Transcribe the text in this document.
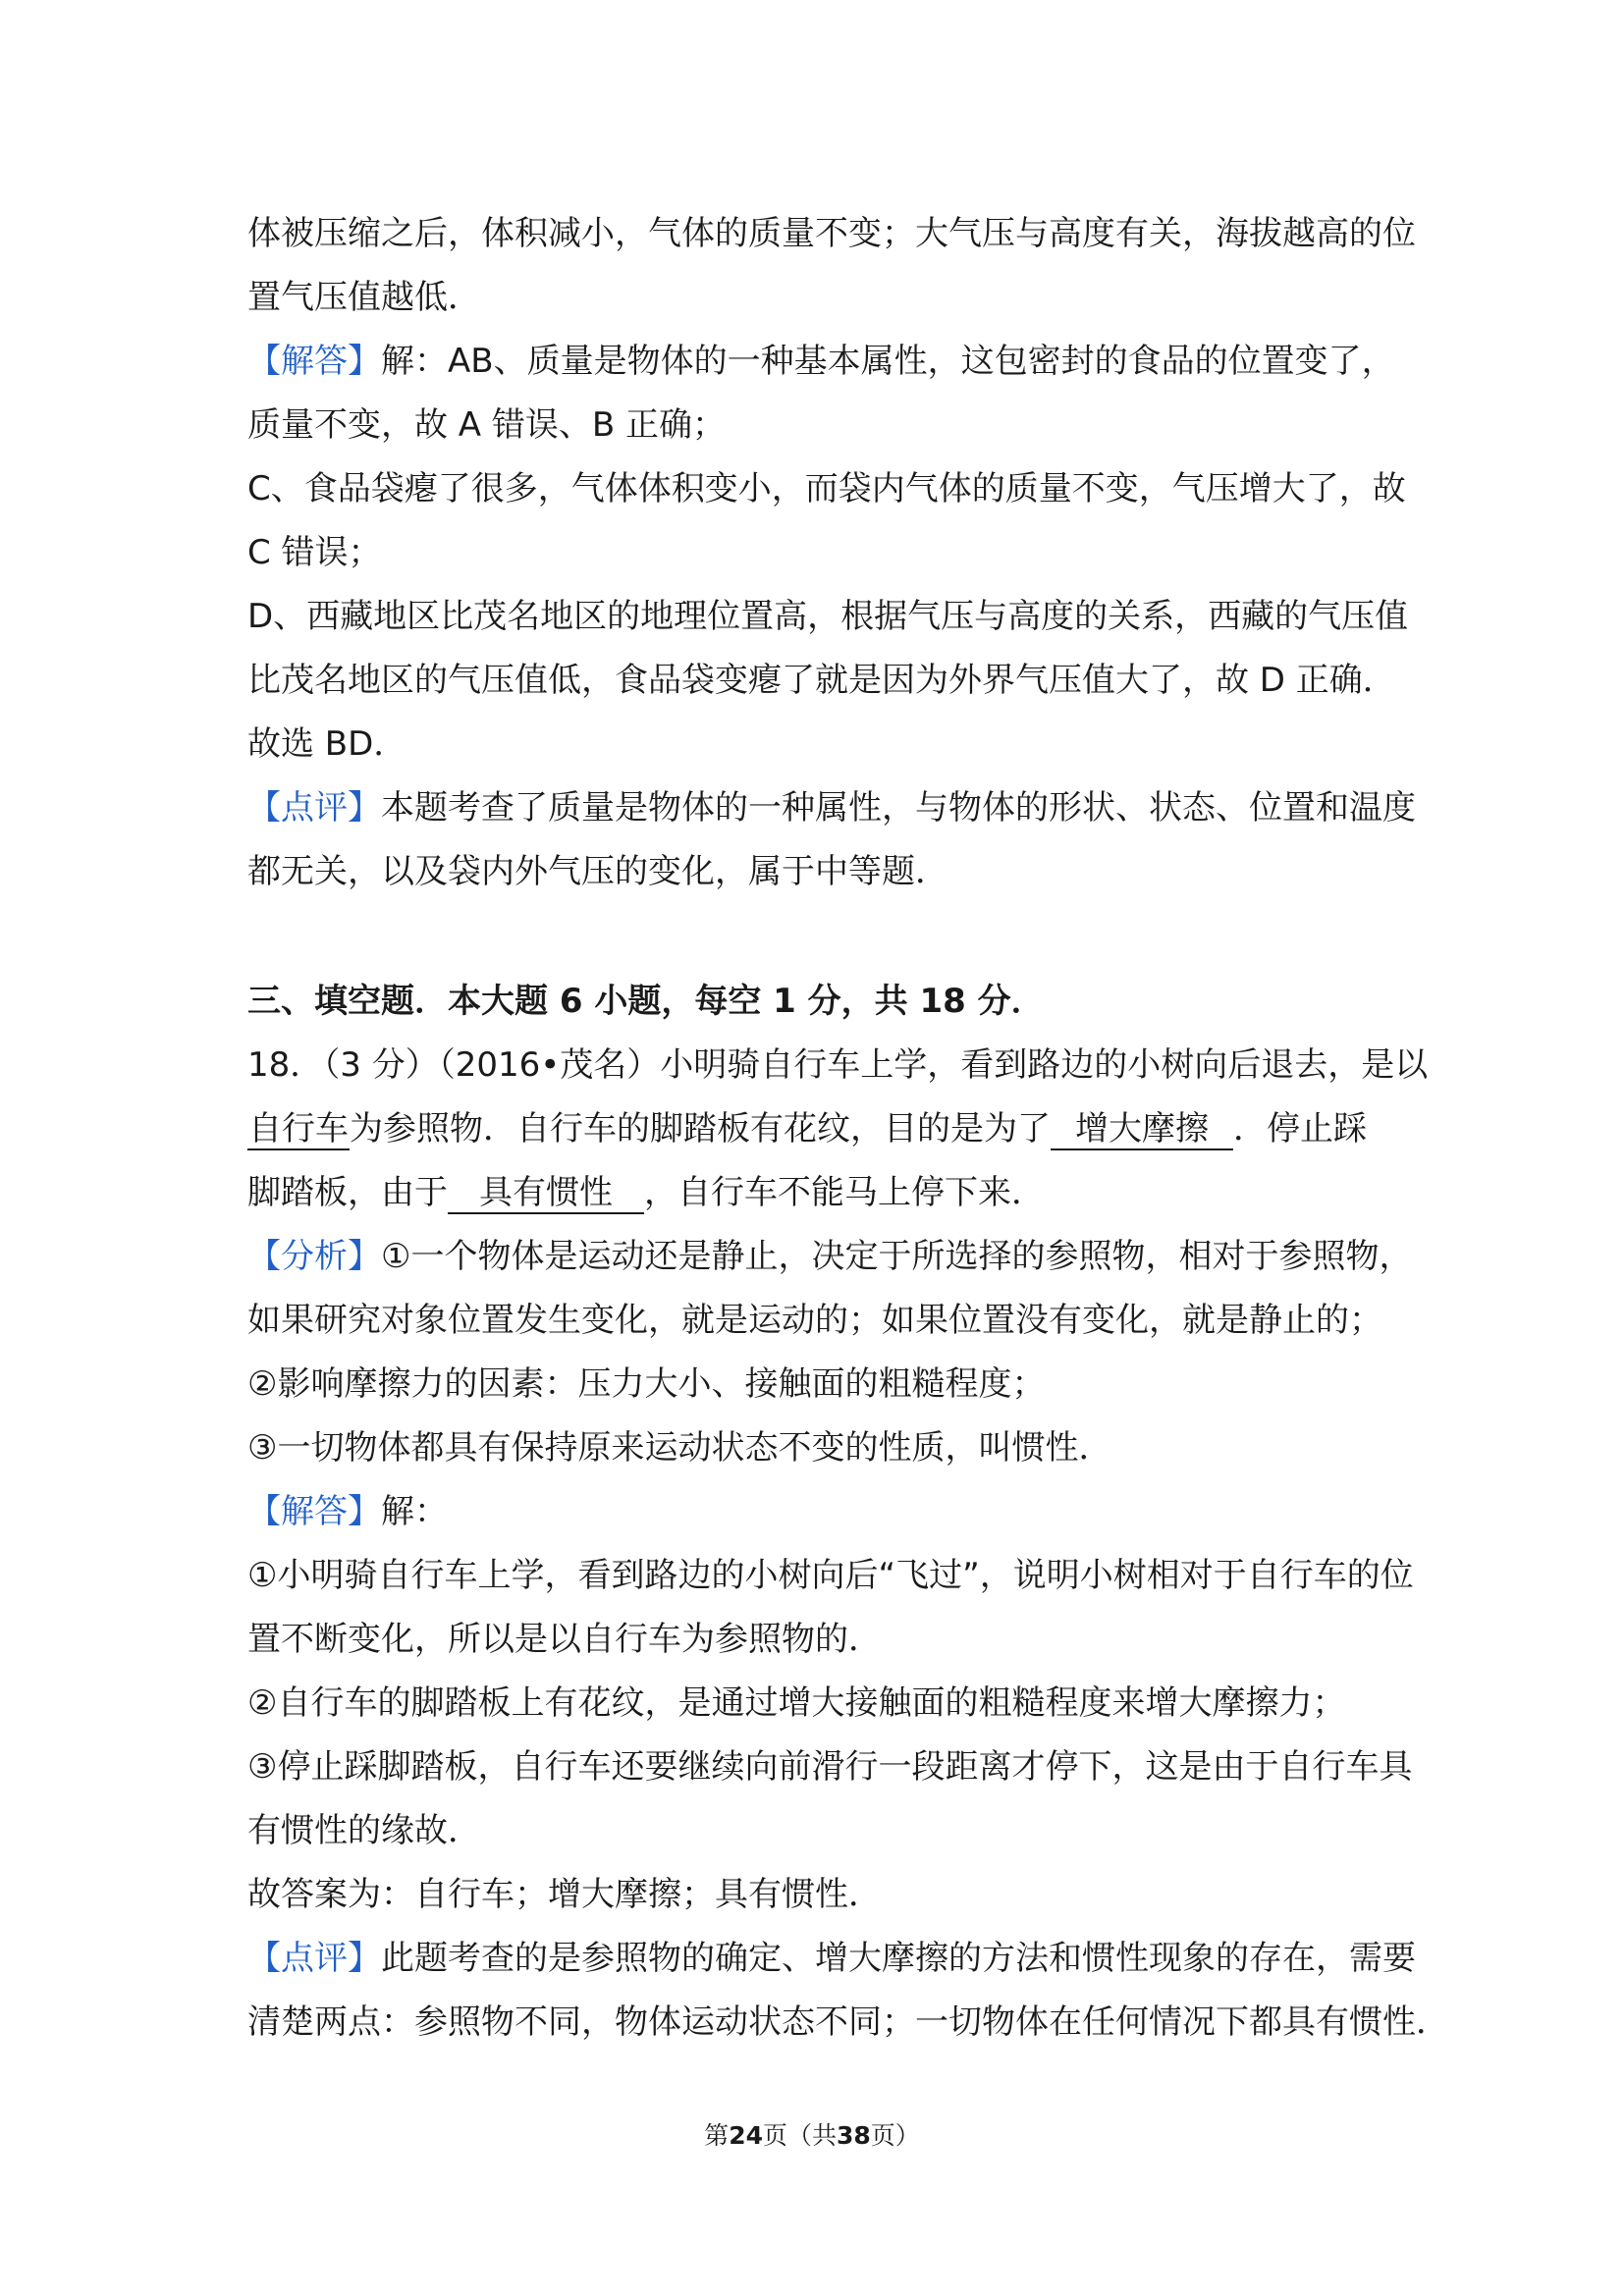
体被压缩之后，体积减小，气体的质量不变；大气压与高度有关，海拔越高的位
置气压值越低．
【解答】解：AB、质量是物体的一种基本属性，这包密封的食品的位置变了，
质量不变，故 A 错误、B 正确；
C、食品袋瘪了很多，气体体积变小，而袋内气体的质量不变，气压增大了，故
C 错误；
D、西藏地区比茂名地区的地理位置高，根据气压与高度的关系，西藏的气压值
比茂名地区的气压值低，食品袋变瘪了就是因为外界气压值大了，故 D 正确．
故选 BD．
【点评】本题考查了质量是物体的一种属性，与物体的形状、状态、位置和温度
都无关，以及袋内外气压的变化，属于中等题．
三、填空题．本大题 6 小题，每空 1 分，共 18 分．
18．（3 分）（2016•茂名）小明骑自行车上学，看到路边的小树向后退去，是以
自行车为参照物．自行车的脚踏板有花纹，目的是为了 增大摩擦 ．停止踩
脚踏板，由于 具有惯性 ，自行车不能马上停下来．
【分析】①一个物体是运动还是静止，决定于所选择的参照物，相对于参照物，
如果研究对象位置发生变化，就是运动的；如果位置没有变化，就是静止的；
②影响摩擦力的因素：压力大小、接触面的粗糙程度；
③一切物体都具有保持原来运动状态不变的性质，叫惯性．
【解答】解：
①小明骑自行车上学，看到路边的小树向后“飞过”，说明小树相对于自行车的位
置不断变化，所以是以自行车为参照物的．
②自行车的脚踏板上有花纹，是通过增大接触面的粗糙程度来增大摩擦力；
③停止踩脚踏板，自行车还要继续向前滑行一段距离才停下，这是由于自行车具
有惯性的缘故．
故答案为：自行车；增大摩擦；具有惯性．
【点评】此题考查的是参照物的确定、增大摩擦的方法和惯性现象的存在，需要
清楚两点：参照物不同，物体运动状态不同；一切物体在任何情况下都具有惯性．
第24页（共38页）
